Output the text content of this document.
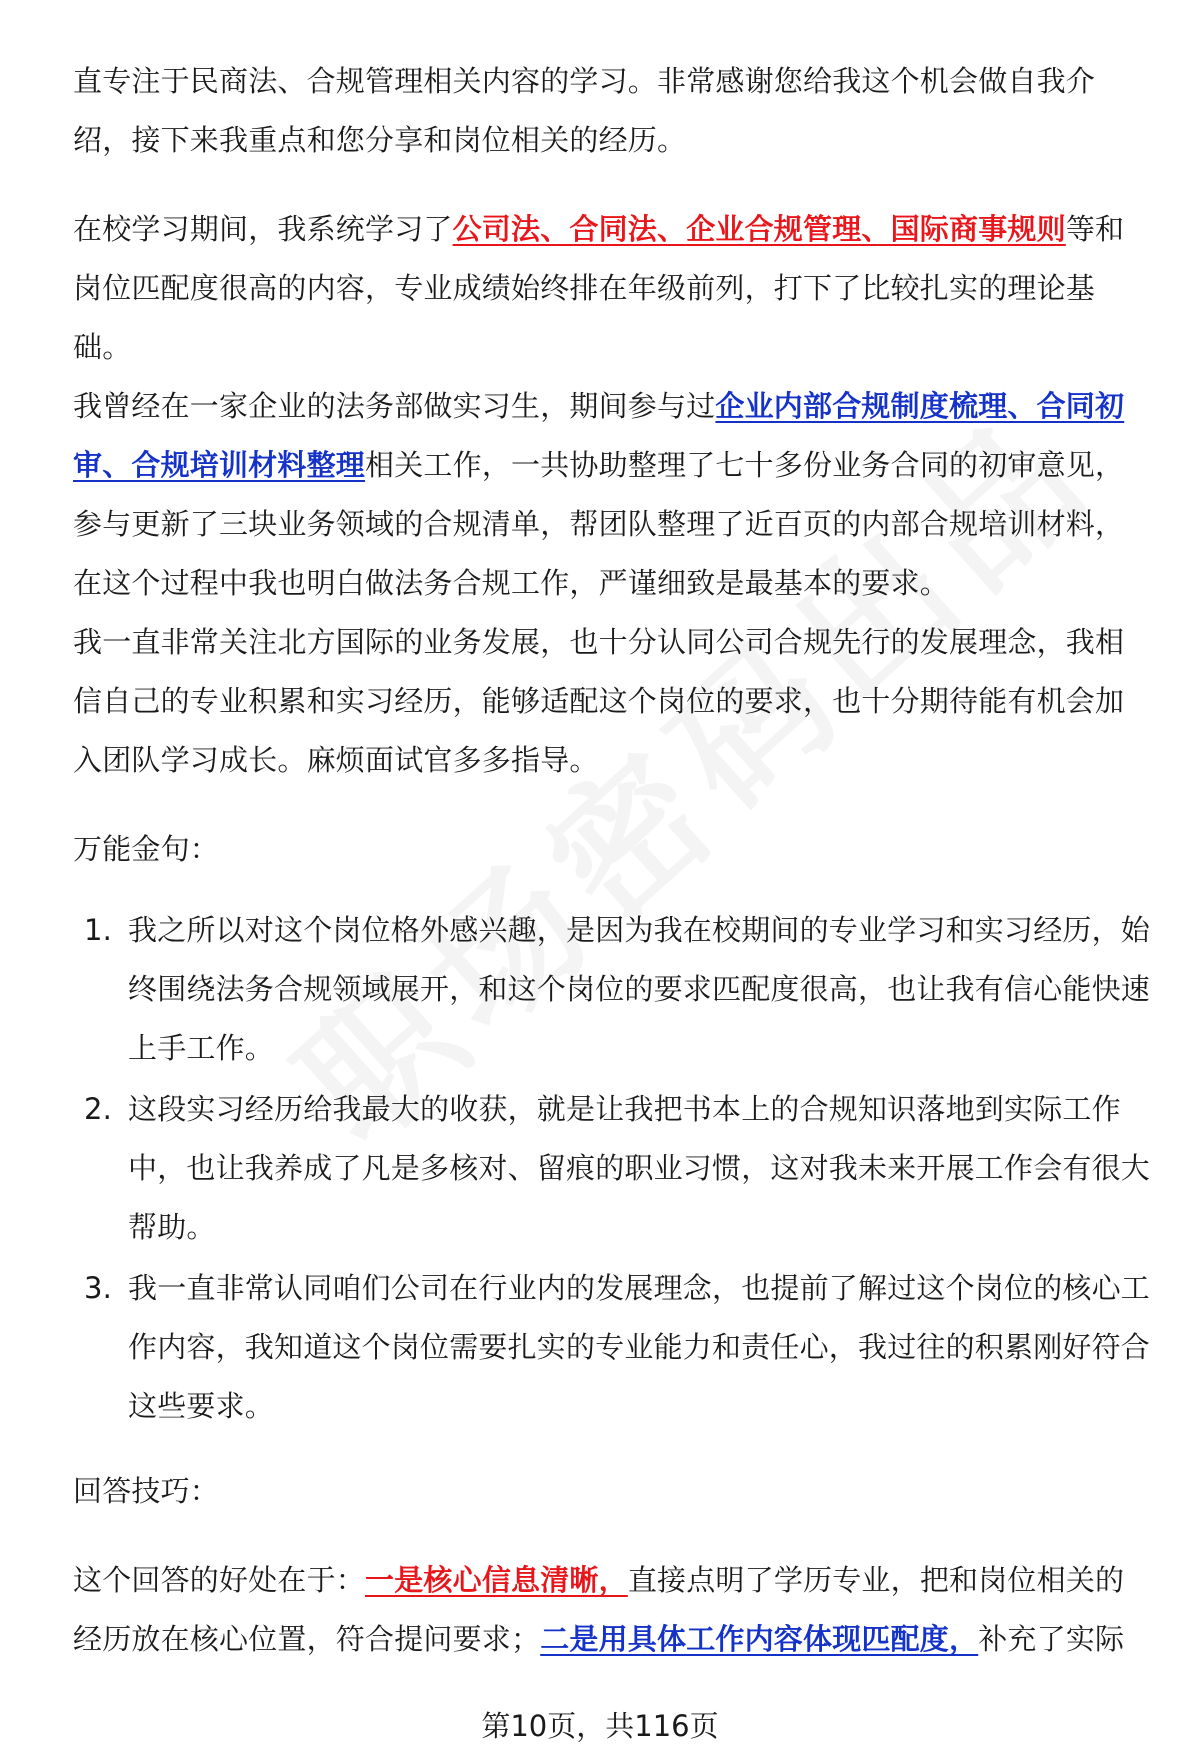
直专注于民商法、合规管理相关内容的学习。非常感谢您给我这个机会做自我介绍，接下来我重点和您分享和岗位相关的经历。

在校学习期间，我系统学习了公司法、合同法、企业合规管理、国际商事规则等和岗位匹配度很高的内容，专业成绩始终排在年级前列，打下了比较扎实的理论基础。

我曾经在一家企业的法务部做实习生，期间参与过企业内部合规制度梳理、合同初审、合规培训材料整理相关工作，一共协助整理了七十多份业务合同的初审意见，参与更新了三块业务领域的合规清单，帮团队整理了近百页的内部合规培训材料，在这个过程中我也明白做法务合规工作，严谨细致是最基本的要求。

我一直非常关注北方国际的业务发展，也十分认同公司合规先行的发展理念，我相信自己的专业积累和实习经历，能够适配这个岗位的要求，也十分期待能有机会加入团队学习成长。麻烦面试官多多指导。

万能金句：

1. 我之所以对这个岗位格外感兴趣，是因为我在校期间的专业学习和实习经历，始终围绕法务合规领域展开，和这个岗位的要求匹配度很高，也让我有信心能快速上手工作。
2. 这段实习经历给我最大的收获，就是让我把书本上的合规知识落地到实际工作中，也让我养成了凡是多核对、留痕的职业习惯，这对我未来开展工作会有很大帮助。
3. 我一直非常认同咱们公司在行业内的发展理念，也提前了解过这个岗位的核心工作内容，我知道这个岗位需要扎实的专业能力和责任心，我过往的积累刚好符合这些要求。

回答技巧：

这个回答的好处在于：一是核心信息清晰，直接点明了学历专业，把和岗位相关的经历放在核心位置，符合提问要求；二是用具体工作内容体现匹配度，补充了实际

第10页，共116页
